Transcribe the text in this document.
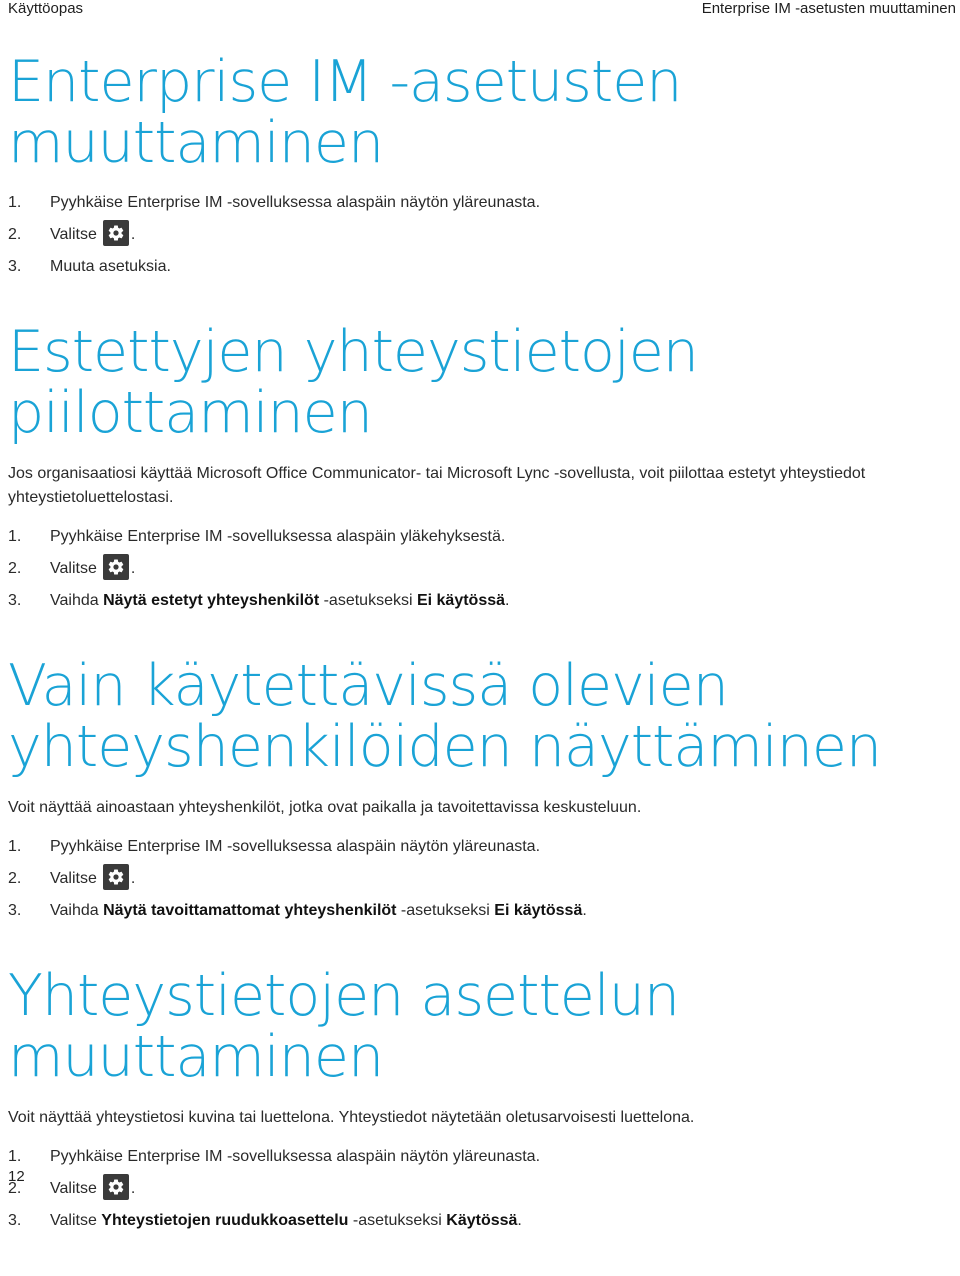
Käyttöopas	Enterprise IM -asetusten muuttaminen
Enterprise IM -asetusten muuttaminen
1. Pyyhkäise Enterprise IM -sovelluksessa alaspäin näytön yläreunasta.
2. Valitse .
3. Muuta asetuksia.
Estettyjen yhteystietojen piilottaminen

Jos organisaatiosi käyttää Microsoft Office Communicator- tai Microsoft Lync -sovellusta, voit piilottaa estetyt yhteystiedot yhteystietoluettelostasi.

1. Pyyhkäise Enterprise IM -sovelluksessa alaspäin yläkehyksestä.
2. Valitse .
3. Vaihda Näytä estetyt yhteyshenkilöt -asetukseksi Ei käytössä.
Vain käytettävissä olevien yhteyshenkilöiden näyttäminen

Voit näyttää ainoastaan yhteyshenkilöt, jotka ovat paikalla ja tavoitettavissa keskusteluun.

1. Pyyhkäise Enterprise IM -sovelluksessa alaspäin näytön yläreunasta.
2. Valitse .
3. Vaihda Näytä tavoittamattomat yhteyshenkilöt -asetukseksi Ei käytössä.
Yhteystietojen asettelun muuttaminen

Voit näyttää yhteystietosi kuvina tai luettelona. Yhteystiedot näytetään oletusarvoisesti luettelona.

1. Pyyhkäise Enterprise IM -sovelluksessa alaspäin näytön yläreunasta.
2. Valitse .
3. Valitse Yhteystietojen ruudukkoasettelu -asetukseksi Käytössä.
12
